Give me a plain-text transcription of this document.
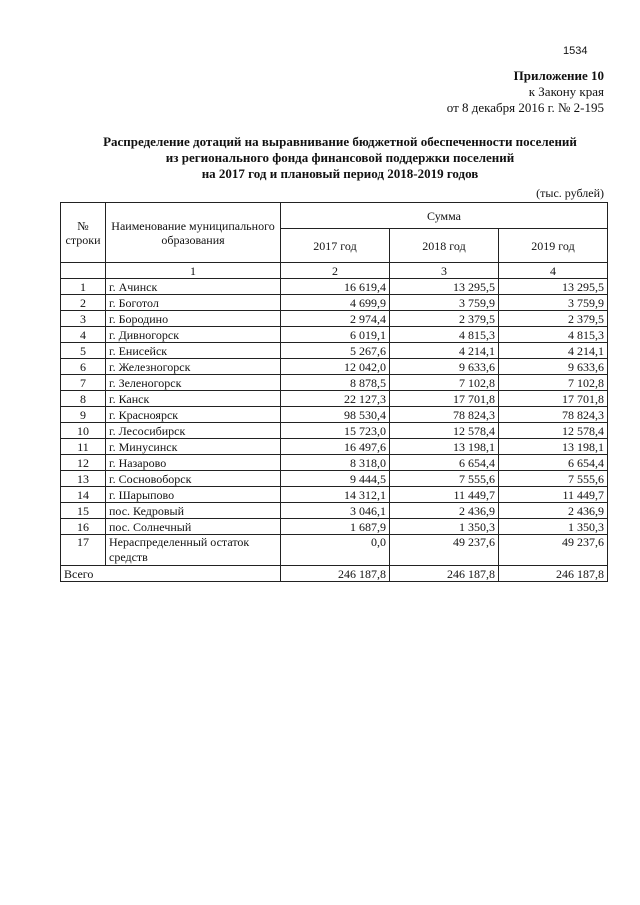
1534
Приложение 10
к Закону края
от 8 декабря 2016 г. № 2-195
Распределение дотаций на выравнивание бюджетной обеспеченности поселений
из регионального фонда финансовой поддержки поселений
на 2017 год и плановый период 2018-2019 годов
(тыс. рублей)
№ строки	Наименование муниципального образования	Сумма		
		2017 год	2018 год	2019 год
	1	2	3	4
1	г. Ачинск	16 619,4	13 295,5	13 295,5
2	г. Боготол	4 699,9	3 759,9	3 759,9
3	г. Бородино	2 974,4	2 379,5	2 379,5
4	г. Дивногорск	6 019,1	4 815,3	4 815,3
5	г. Енисейск	5 267,6	4 214,1	4 214,1
6	г. Железногорск	12 042,0	9 633,6	9 633,6
7	г. Зеленогорск	8 878,5	7 102,8	7 102,8
8	г. Канск	22 127,3	17 701,8	17 701,8
9	г. Красноярск	98 530,4	78 824,3	78 824,3
10	г. Лесосибирск	15 723,0	12 578,4	12 578,4
11	г. Минусинск	16 497,6	13 198,1	13 198,1
12	г. Назарово	8 318,0	6 654,4	6 654,4
13	г. Сосновоборск	9 444,5	7 555,6	7 555,6
14	г. Шарыпово	14 312,1	11 449,7	11 449,7
15	пос. Кедровый	3 046,1	2 436,9	2 436,9
16	пос. Солнечный	1 687,9	1 350,3	1 350,3
17	Нераспределенный остаток средств	0,0	49 237,6	49 237,6
Всего		246 187,8	246 187,8	246 187,8
